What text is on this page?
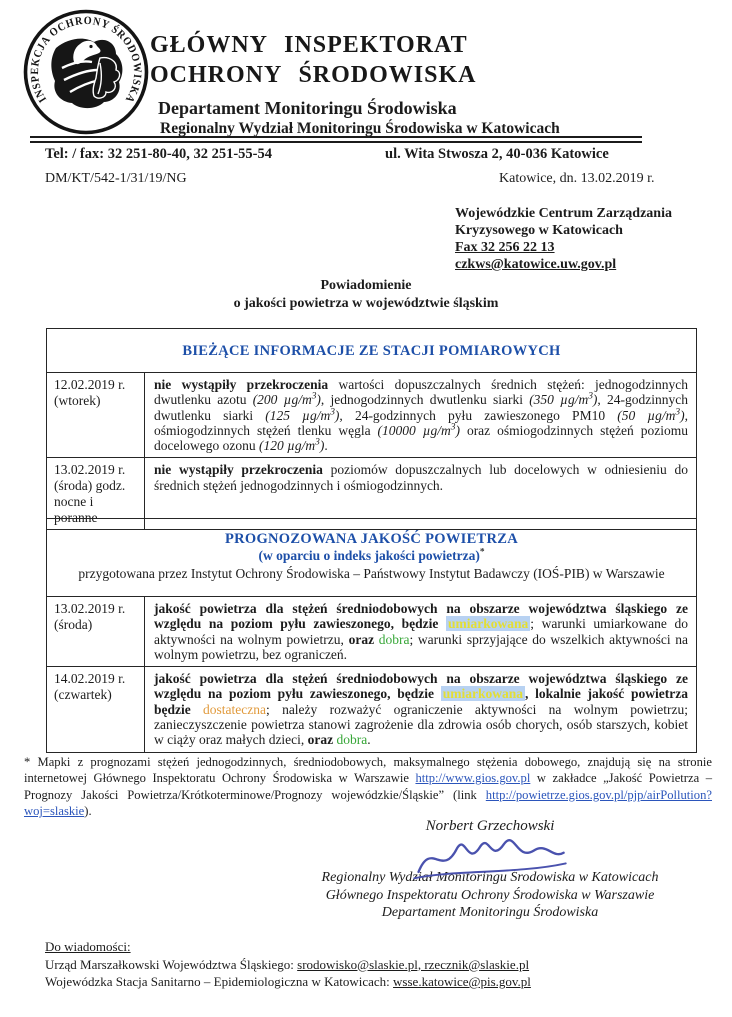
INSPEKCJA OCHRONY ŚRODOWISKA
GŁÓWNY INSPEKTORAT
OCHRONY ŚRODOWISKA
Departament Monitoringu Środowiska
Regionalny Wydział Monitoringu Środowiska w Katowicach
Tel: / fax: 32 251-80-40, 32 251-55-54	ul. Wita Stwosza 2, 40-036 Katowice
DM/KT/542-1/31/19/NG	Katowice, dn. 13.02.2019 r.
Wojewódzkie Centrum Zarządzania
Kryzysowego w Katowicach
Fax 32 256 22 13
czkws@katowice.uw.gov.pl
Powiadomienie
o jakości powietrza w województwie śląskim
BIEŻĄCE INFORMACJE ZE STACJI POMIAROWYCH	
12.02.2019 r.
(wtorek)	nie wystąpiły przekroczenia wartości dopuszczalnych średnich stężeń: jednogodzinnych dwutlenku azotu (200 $\mu g/m^3$), jednogodzinnych dwutlenku siarki (350 $\mu g/m^3$), 24-godzinnych dwutlenku siarki (125 $\mu g/m^3$), 24-godzinnych pyłu zawieszonego PM10 (50 $\mu g/m^3$), ośmiogodzinnych stężeń tlenku węgla (10000 $\mu g/m^3$) oraz ośmiogodzinnych stężeń poziomu docelowego ozonu (120 $\mu g/m^3$).
13.02.2019 r.
(środa) godz.
nocne i poranne	nie wystąpiły przekroczenia poziomów dopuszczalnych lub docelowych w odniesieniu do średnich stężeń jednogodzinnych i ośmiogodzinnych.
PROGNOZOWANA JAKOŚĆ POWIETRZA
(w oparciu o indeks jakości powietrza)*
przygotowana przez Instytut Ochrony Środowiska – Państwowy Instytut Badawczy (IOŚ-PIB) w Warszawie	

13.02.2019 r.
(środa)	jakość powietrza dla stężeń średniodobowych na obszarze województwa śląskiego ze względu na poziom pyłu zawieszonego, będzie umiarkowana ; warunki umiarkowane do aktywności na wolnym powietrzu, oraz dobra; warunki sprzyjające do wszelkich aktywności na wolnym powietrzu, bez ograniczeń.
14.02.2019 r.
(czwartek)	jakość powietrza dla stężeń średniodobowych na obszarze województwa śląskiego ze względu na poziom pyłu zawieszonego, będzie umiarkowana , lokalnie jakość powietrza będzie dostateczna; należy rozważyć ograniczenie aktywności na wolnym powietrzu; zanieczyszczenie powietrza stanowi zagrożenie dla zdrowia osób chorych, osób starszych, kobiet w ciąży oraz małych dzieci, oraz dobra.
* Mapki z prognozami stężeń jednogodzinnych, średniodobowych, maksymalnego stężenia dobowego, znajdują się na stronie internetowej Głównego Inspektoratu Ochrony Środowiska w Warszawie http://www.gios.gov.pl w zakładce „Jakość Powietrza – Prognozy Jakości Powietrza/Krótkoterminowe/Prognozy wojewódzkie/Śląskie” (link http://powietrze.gios.gov.pl/pjp/airPollution?woj=slaskie).
Norbert Grzechowski
Regionalny Wydział Monitoringu Środowiska w Katowicach
Głównego Inspektoratu Ochrony Środowiska w Warszawie
Departament Monitoringu Środowiska
Do wiadomości:
Urząd Marszałkowski Województwa Śląskiego: srodowisko@slaskie.pl, rzecznik@slaskie.pl
Wojewódzka Stacja Sanitarno – Epidemiologiczna w Katowicach: wsse.katowice@pis.gov.pl
